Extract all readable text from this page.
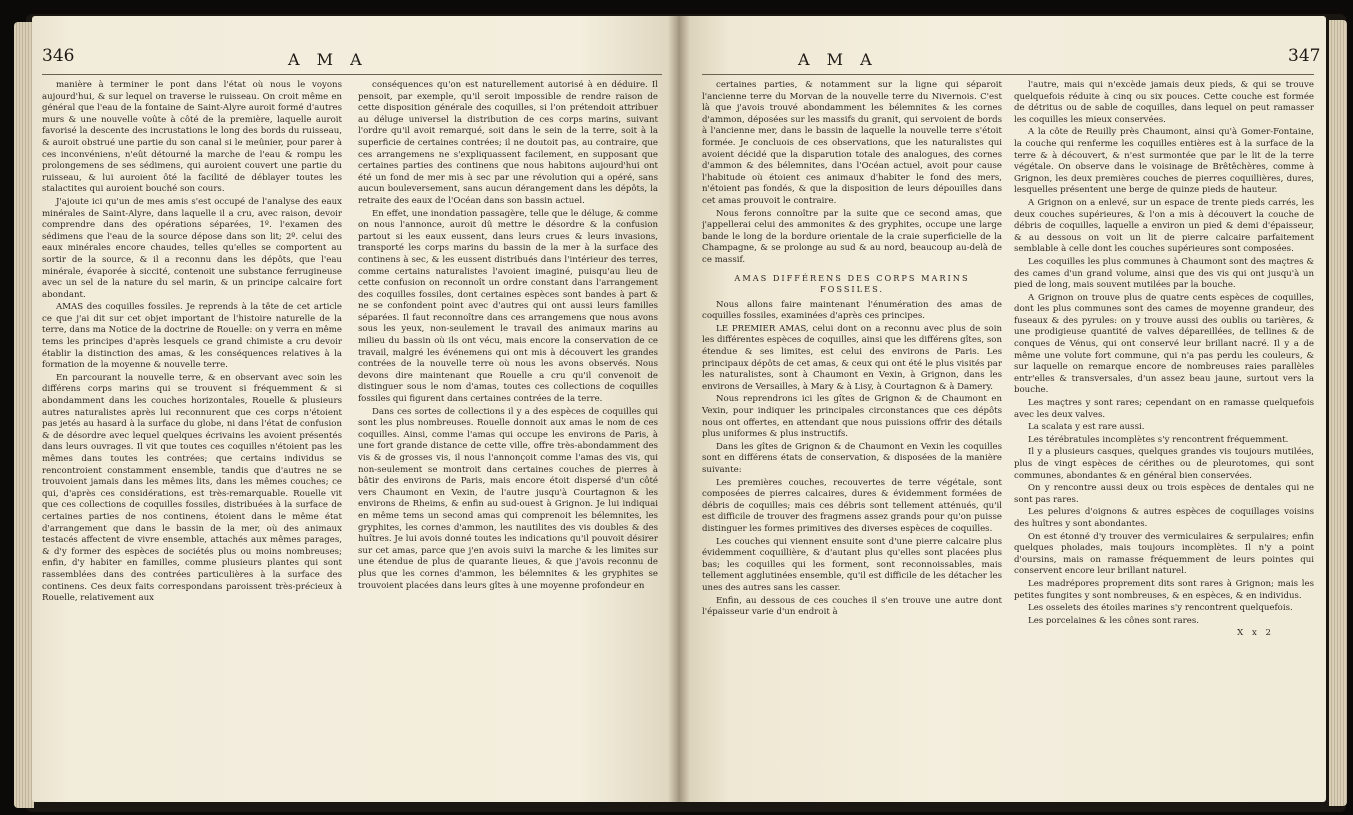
346	A M A

manière à terminer le pont dans l'état où nous le voyons aujourd'hui, & sur lequel on traverse le ruisseau. On croit même en général que l'eau de la fontaine de Saint-Alyre auroit formé d'autres murs & une nouvelle voûte à côté de la première, laquelle auroit favorisé la descente des incrustations le long des bords du ruisseau, & auroit obstrué une partie du son canal si le meûnier, pour parer à ces inconvéniens, n'eût détourné la marche de l'eau & rompu les prolongemens de ses sédimens, qui auroient couvert une partie du ruisseau, & lui auroient ôté la facilité de déblayer toutes les stalactites qui auroient bouché son cours.

J'ajoute ici qu'un de mes amis s'est occupé de l'analyse des eaux minérales de Saint-Alyre, dans laquelle il a cru, avec raison, devoir comprendre dans des opérations séparées, 1º. l'examen des sédimens que l'eau de la source dépose dans son lit; 2º. celui des eaux minérales encore chaudes, telles qu'elles se comportent au sortir de la source, & il a reconnu dans les dépôts, que l'eau minérale, évaporée à siccité, contenoit une substance ferrugineuse avec un sel de la nature du sel marin, & un principe calcaire fort abondant.

AMAS des coquilles fossiles. Je reprends à la tête de cet article ce que j'ai dit sur cet objet important de l'histoire naturelle de la terre, dans ma Notice de la doctrine de Rouelle: on y verra en même tems les principes d'après lesquels ce grand chimiste a cru devoir établir la distinction des amas, & les conséquences relatives à la formation de la moyenne & nouvelle terre.

En parcourant la nouvelle terre, & en observant avec soin les différens corps marins qui se trouvent si fréquemment & si abondamment dans les couches horizontales, Rouelle & plusieurs autres naturalistes après lui reconnurent que ces corps n'étoient pas jetés au hasard à la surface du globe, ni dans l'état de confusion & de désordre avec lequel quelques écrivains les avoient présentés dans leurs ouvrages. Il vit que toutes ces coquilles n'étoient pas les mêmes dans toutes les contrées; que certains individus se rencontroient constamment ensemble, tandis que d'autres ne se trouvoient jamais dans les mêmes lits, dans les mêmes couches; ce qui, d'après ces considérations, est très-remarquable. Rouelle vit que ces collections de coquilles fossiles, distribuées à la surface de certaines parties de nos continens, étoient dans le même état d'arrangement que dans le bassin de la mer, où des animaux testacés affectent de vivre ensemble, attachés aux mêmes parages, & d'y former des espèces de sociétés plus ou moins nombreuses; enfin, d'y habiter en familles, comme plusieurs plantes qui sont rassemblées dans des contrées particulières à la surface des continens. Ces deux faits correspondans paroissent très-précieux à Rouelle, relativement aux

conséquences qu'on est naturellement autorisé à en déduire. Il pensoit, par exemple, qu'il seroit impossible de rendre raison de cette disposition générale des coquilles, si l'on prétendoit attribuer au déluge universel la distribution de ces corps marins, suivant l'ordre qu'il avoit remarqué, soit dans le sein de la terre, soit à la superficie de certaines contrées; il ne doutoit pas, au contraire, que ces arrangemens ne s'expliquassent facilement, en supposant que certaines parties des continens que nous habitons aujourd'hui ont été un fond de mer mis à sec par une révolution qui a opéré, sans aucun bouleversement, sans aucun dérangement dans les dépôts, la retraite des eaux de l'Océan dans son bassin actuel.

En effet, une inondation passagère, telle que le déluge, & comme on nous l'annonce, auroit dû mettre le désordre & la confusion partout si les eaux eussent, dans leurs crues & leurs invasions, transporté les corps marins du bassin de la mer à la surface des continens à sec, & les eussent distribués dans l'intérieur des terres, comme certains naturalistes l'avoient imaginé, puisqu'au lieu de cette confusion on reconnoît un ordre constant dans l'arrangement des coquilles fossiles, dont certaines espèces sont bandes à part & ne se confondent point avec d'autres qui ont aussi leurs familles séparées. Il faut reconnoître dans ces arrangemens que nous avons sous les yeux, non-seulement le travail des animaux marins au milieu du bassin où ils ont vécu, mais encore la conservation de ce travail, malgré les événemens qui ont mis à découvert les grandes contrées de la nouvelle terre où nous les avons observés. Nous devons dire maintenant que Rouelle a cru qu'il convenoit de distinguer sous le nom d'amas, toutes ces collections de coquilles fossiles qui figurent dans certaines contrées de la terre.

Dans ces sortes de collections il y a des espèces de coquilles qui sont les plus nombreuses. Rouelle donnoit aux amas le nom de ces coquilles. Ainsi, comme l'amas qui occupe les environs de Paris, à une fort grande distance de cette ville, offre très-abondamment des vis & de grosses vis, il nous l'annonçoit comme l'amas des vis, qui non-seulement se montroit dans certaines couches de pierres à bâtir des environs de Paris, mais encore étoit dispersé d'un côté vers Chaumont en Vexin, de l'autre jusqu'à Courtagnon & les environs de Rheims, & enfin au sud-ouest à Grignon. Je lui indiquai en même tems un second amas qui comprenoit les bélemnites, les gryphites, les cornes d'ammon, les nautilites des vis doubles & des huîtres. Je lui avois donné toutes les indications qu'il pouvoit désirer sur cet amas, parce que j'en avois suivi la marche & les limites sur une étendue de plus de quarante lieues, & que j'avois reconnu de plus que les cornes d'ammon, les bélemnites & les gryphites se trouvoient placées dans leurs gîtes à une moyenne profondeur en

A M A	347

certaines parties, & notamment sur la ligne qui séparoit l'ancienne terre du Morvan de la nouvelle terre du Nivernois. C'est là que j'avois trouvé abondamment les bélemnites & les cornes d'ammon, déposées sur les massifs du granit, qui servoient de bords à l'ancienne mer, dans le bassin de laquelle la nouvelle terre s'étoit formée. Je concluois de ces observations, que les naturalistes qui avoient décidé que la disparution totale des analogues, des cornes d'ammon & des bélemnites, dans l'Océan actuel, avoit pour cause l'habitude où étoient ces animaux d'habiter le fond des mers, n'étoient pas fondés, & que la disposition de leurs dépouilles dans cet amas prouvoit le contraire.

Nous ferons connoître par la suite que ce second amas, que j'appellerai celui des ammonites & des gryphites, occupe une large bande le long de la bordure orientale de la craie superficielle de la Champagne, & se prolonge au sud & au nord, beaucoup au-delà de ce massif.

AMAS DIFFÉRENS DES CORPS MARINS FOSSILES.

Nous allons faire maintenant l'énumération des amas de coquilles fossiles, examinées d'après ces principes.

LE PREMIER AMAS, celui dont on a reconnu avec plus de soin les différentes espèces de coquilles, ainsi que les différens gîtes, son étendue & ses limites, est celui des environs de Paris. Les principaux dépôts de cet amas, & ceux qui ont été le plus visités par les naturalistes, sont à Chaumont en Vexin, à Grignon, dans les environs de Versailles, à Mary & à Lisy, à Courtagnon & à Damery.

Nous reprendrons ici les gîtes de Grignon & de Chaumont en Vexin, pour indiquer les principales circonstances que ces dépôts nous ont offertes, en attendant que nous puissions offrir des détails plus uniformes & plus instructifs.

Dans les gîtes de Grignon & de Chaumont en Vexin les coquilles sont en différens états de conservation, & disposées de la manière suivante:

Les premières couches, recouvertes de terre végétale, sont composées de pierres calcaires, dures & évidemment formées de débris de coquilles; mais ces débris sont tellement atténués, qu'il est difficile de trouver des fragmens assez grands pour qu'on puisse distinguer les formes primitives des diverses espèces de coquilles.

Les couches qui viennent ensuite sont d'une pierre calcaire plus évidemment coquillière, & d'autant plus qu'elles sont placées plus bas; les coquilles qui les forment, sont reconnoissables, mais tellement agglutinées ensemble, qu'il est difficile de les détacher les unes des autres sans les casser.

Enfin, au dessous de ces couches il s'en trouve une autre dont l'épaisseur varie d'un endroit à

l'autre, mais qui n'excède jamais deux pieds, & qui se trouve quelquefois réduite à cinq ou six pouces. Cette couche est formée de détritus ou de sable de coquilles, dans lequel on peut ramasser les coquilles les mieux conservées.

A la côte de Reuilly près Chaumont, ainsi qu'à Gomer-Fontaine, la couche qui renferme les coquilles entières est à la surface de la terre & à découvert, & n'est surmontée que par le lit de la terre végétale. On observe dans le voisinage de Brêtêchères, comme à Grignon, les deux premières couches de pierres coquillières, dures, lesquelles présentent une berge de quinze pieds de hauteur.

A Grignon on a enlevé, sur un espace de trente pieds carrés, les deux couches supérieures, & l'on a mis à découvert la couche de débris de coquilles, laquelle a environ un pied & demi d'épaisseur, & au dessous on voit un lit de pierre calcaire parfaitement semblable à celle dont les couches supérieures sont composées.

Les coquilles les plus communes à Chaumont sont des maçtres & des cames d'un grand volume, ainsi que des vis qui ont jusqu'à un pied de long, mais souvent mutilées par la bouche.

A Grignon on trouve plus de quatre cents espèces de coquilles, dont les plus communes sont des cames de moyenne grandeur, des fuseaux & des pyrules: on y trouve aussi des oublis ou tarières, & une prodigieuse quantité de valves dépareillées, de tellines & de conques de Vénus, qui ont conservé leur brillant nacré. Il y a de même une volute fort commune, qui n'a pas perdu les couleurs, & sur laquelle on remarque encore de nombreuses raies parallèles entr'elles & transversales, d'un assez beau jaune, surtout vers la bouche.

Les maçtres y sont rares; cependant on en ramasse quelquefois avec les deux valves.

La scalata y est rare aussi.

Les térébratules incomplètes s'y rencontrent fréquemment.

Il y a plusieurs casques, quelques grandes vis toujours mutilées, plus de vingt espèces de cérithes ou de pleurotomes, qui sont communes, abondantes & en général bien conservées.

On y rencontre aussi deux ou trois espèces de dentales qui ne sont pas rares.

Les pelures d'oignons & autres espèces de coquillages voisins des huîtres y sont abondantes.

On est étonné d'y trouver des vermiculaires & serpulaires; enfin quelques pholades, mais toujours incomplètes. Il n'y a point d'oursins, mais on ramasse fréquemment de leurs pointes qui conservent encore leur brillant naturel.

Les madrépores proprement dits sont rares à Grignon; mais les petites fungites y sont nombreuses, & en espèces, & en individus.

Les osselets des étoiles marines s'y rencontrent quelquefois.

Les porcelaines & les cônes sont rares.

X x 2
